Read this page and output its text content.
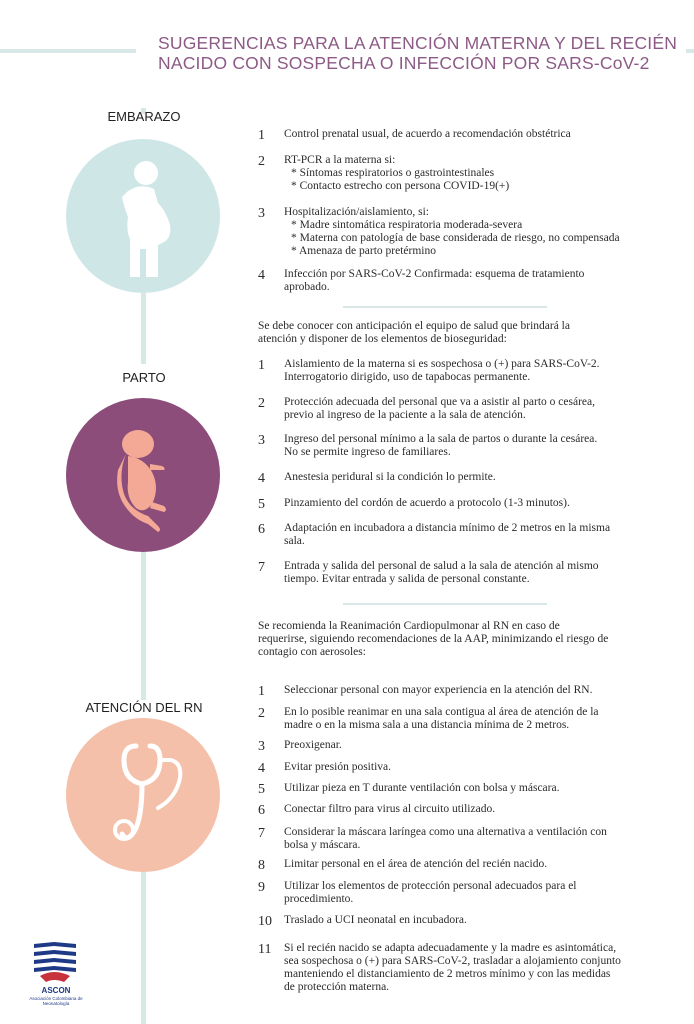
SUGERENCIAS PARA LA ATENCIÓN MATERNA Y DEL RECIÉN
NACIDO CON SOSPECHA O INFECCIÓN POR SARS-CoV-2
EMBARAZO
PARTO
ATENCIÓN DEL RN
1	Control prenatal usual, de acuerdo a recomendación obstétrica
2	RT-PCR a la materna si:
* Síntomas respiratorios o gastrointestinales
* Contacto estrecho con persona COVID-19(+)
3	Hospitalización/aislamiento, si:
* Madre sintomática respiratoria moderada-severa
* Materna con patología de base considerada de riesgo, no compensada
* Amenaza de parto pretérmino
4	Infección por SARS-CoV-2 Confirmada: esquema de tratamiento
aprobado.
Se debe conocer con anticipación el equipo de salud que brindará la
atención y disponer de los elementos de bioseguridad:
1	Aislamiento de la materna si es sospechosa o (+) para SARS-CoV-2.
Interrogatorio dirigido, uso de tapabocas permanente.
2	Protección adecuada del personal que va a asistir al parto o cesárea,
previo al ingreso de la paciente a la sala de atención.
3	Ingreso del personal mínimo a la sala de partos o durante la cesárea.
No se permite ingreso de familiares.
4	Anestesia peridural si la condición lo permite.
5	Pinzamiento del cordón de acuerdo a protocolo (1-3 minutos).
6	Adaptación en incubadora a distancia mínimo de 2 metros en la misma
sala.
7	Entrada y salida del personal de salud a la sala de atención al mismo
tiempo. Evitar entrada y salida de personal constante.
Se recomienda la Reanimación Cardiopulmonar al RN en caso de
requerirse, siguiendo recomendaciones de la AAP, minimizando el riesgo de
contagio con aerosoles:
1	Seleccionar personal con mayor experiencia en la atención del RN.
2	En lo posible reanimar en una sala contigua al área de atención de la
madre o en la misma sala a una distancia mínima de 2 metros.
3	Preoxigenar.
4	Evitar presión positiva.
5	Utilizar pieza en T durante ventilación con bolsa y máscara.
6	Conectar filtro para virus al circuito utilizado.
7	Considerar la máscara laríngea como una alternativa a ventilación con
bolsa y máscara.
8	Limitar personal en el área de atención del recién nacido.
9	Utilizar los elementos de protección personal adecuados para el
procedimiento.
10 Traslado a UCI neonatal en incubadora.
11 Si el recién nacido se adapta adecuadamente y la madre es asintomática,
sea sospechosa o (+) para SARS-CoV-2, trasladar a alojamiento conjunto
manteniendo el distanciamiento de 2 metros mínimo y con las medidas
de protección materna.
ASCON
Asociación Colombiana de Neonatología
